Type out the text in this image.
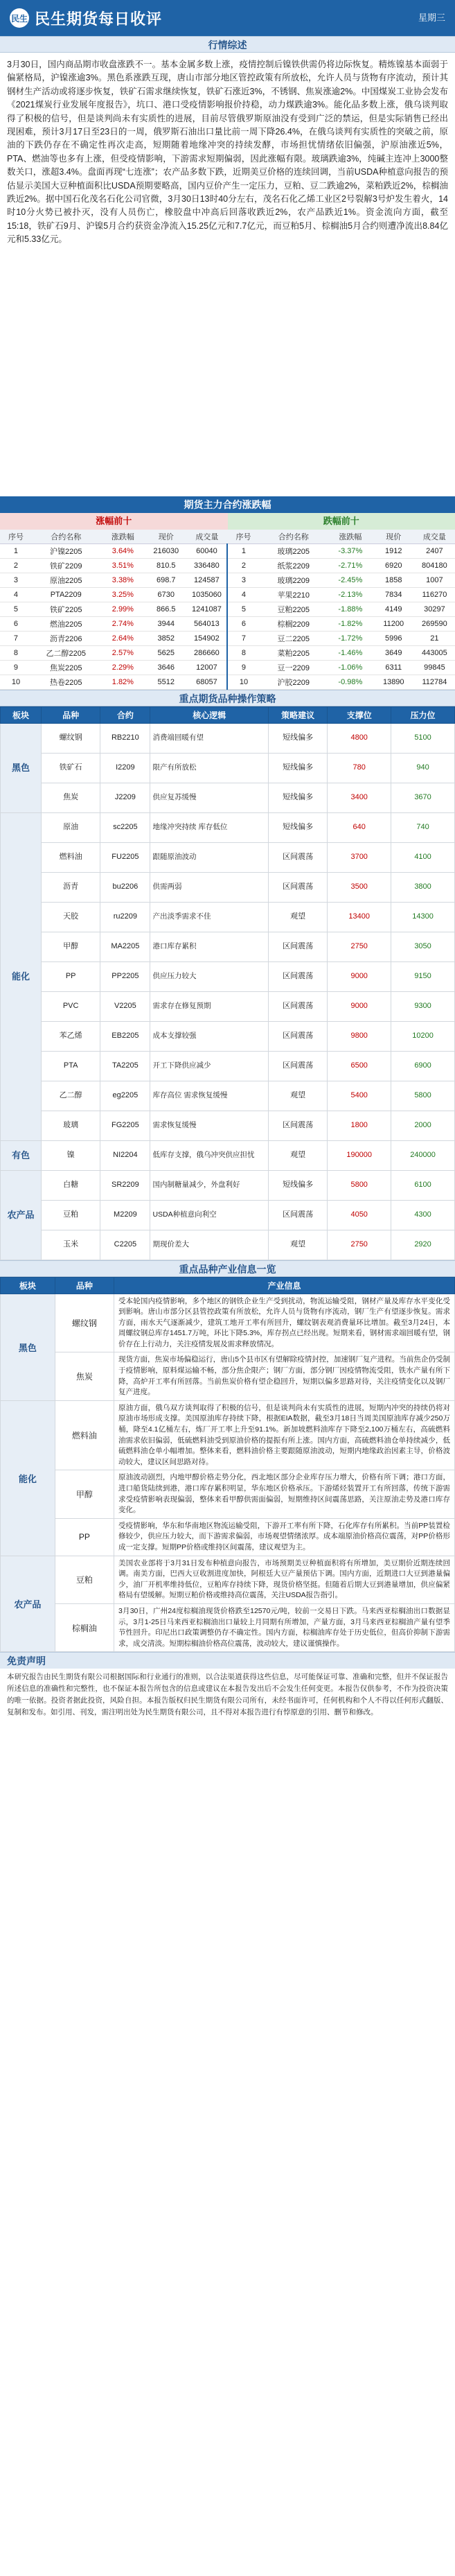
民生 民生期货每日收评	星期三
行情综述
3月30日，国内商品期市收盘涨跌不一。基本金属多数上涨，疫情控制后镍铁供需仍将边际恢复。精炼镍基本面弱于偏紧格局，沪镍涨逾3%。黑色系涨跌互现，唐山市部分地区管控政策有所放松，允许人员与货物有序流动，预计其钢材生产活动或将逐步恢复，铁矿石需求继续恢复，铁矿石涨近3%，不锈钢、焦炭涨逾2%。中国煤炭工业协会发布《2021煤炭行业发展年度报告》，坑口、港口受疫情影响报价持稳，动力煤跌逾3%。能化品多数上涨，俄乌谈判取得了积极的信号，但是谈判尚未有实质性的进展，目前尽管俄罗斯原油没有受到广泛的禁运，但是实际销售已经出现困难，预计3月17日至23日的一周，俄罗斯石油出口量比前一周下降26.4%，在俄乌谈判有实质性的突破之前，原油的下跌仍存在不确定性再次走高，短期随着地缘冲突的持续发酵，市场担忧情绪依旧偏强，沪原油涨近5%，PTA、燃油等也多有上涨，但受疫情影响，下游需求短期偏弱，因此涨幅有限。玻璃跌逾3%，纯碱主连冲上3000整数关口，涨超3.4%。盘面再现“七连涨”；农产品多数下跌，近期美豆价格的连续回调，当前USDA种植意向报告的预估显示美国大豆种植面积比USDA预期要略高，国内豆价产生一定压力，豆粕、豆二跌逾2%，菜粕跌近2%，棕榈油跌近2%。据中国石化茂名石化公司官微，3月30日13时40分左右，茂名石化乙烯工业区2号裂解3号炉发生着火，14时10分火势已被扑灭，没有人员伤亡，橡胶盘中冲高后回落收跌近2%，农产品跌近1%。资金流向方面，截至15:18，铁矿石9月、沪镍5月合约获资金净流入15.25亿元和7.7亿元，而豆粕5月、棕榈油5月合约则遭净流出8.84亿元和5.33亿元。
期货主力合约涨跌幅
涨幅前十	跌幅前十
序号	合约名称	涨跌幅	现价	成交量	序号	合约名称	涨跌幅	现价	成交量
1	沪镍2205	3.64%	216030	60040	1	玻璃2205	-3.37%	1912	2407
2	铁矿2209	3.51%	810.5	336480	2	纸浆2209	-2.71%	6920	804180
3	原油2205	3.38%	698.7	124587	3	玻璃2209	-2.45%	1858	1007
4	PTA2209	3.25%	6730	1035060	4	苹果2210	-2.13%	7834	116270
5	铁矿2205	2.99%	866.5	1241087	5	豆粕2205	-1.88%	4149	30297
6	燃油2205	2.74%	3944	564013	6	棕榈2209	-1.82%	11200	269590
7	沥青2206	2.64%	3852	154902	7	豆二2205	-1.72%	5996	21
8	乙二醇2205	2.57%	5625	286660	8	菜粕2205	-1.46%	3649	443005
9	焦炭2205	2.29%	3646	12007	9	豆一2209	-1.06%	6311	99845
10	热卷2205	1.82%	5512	68057	10	沪胶2209	-0.98%	13890	112784
重点期货品种操作策略
板块	品种	合约	核心逻辑	策略建议	支撑位	压力位
黑色	螺纹钢	RB2210	消费端回暖有望	短线偏多	4800	5100
	铁矿石	I2209	限产有所放松	短线偏多	780	940
	焦炭	J2209	供应复苏缓慢	短线偏多	3400	3670
能化	原油	sc2205	地缘冲突持续 库存低位	短线偏多	640	740
	燃料油	FU2205	跟随原油波动	区间震荡	3700	4100
	沥青	bu2206	供需两弱	区间震荡	3500	3800
	天胶	ru2209	产出淡季需求不佳	观望	13400	14300
	甲醇	MA2205	港口库存累积	区间震荡	2750	3050
	PP	PP2205	供应压力较大	区间震荡	9000	9150
	PVC	V2205	需求存在修复预期	区间震荡	9000	9300
	苯乙烯	EB2205	成本支撑较强	区间震荡	9800	10200
	PTA	TA2205	开工下降供应减少	区间震荡	6500	6900
	乙二醇	eg2205	库存高位 需求恢复缓慢	观望	5400	5800
	玻璃	FG2205	需求恢复缓慢	区间震荡	1800	2000
有色	镍	NI2204	低库存支撑，俄乌冲突供应担忧	观望	190000	240000
农产品	白糖	SR2209	国内制糖量减少，外盘利好	短线偏多	5800	6100
	豆粕	M2209	USDA种植意向利空	区间震荡	4050	4300
	玉米	C2205	期现价差大	观望	2750	2920
重点品种产业信息一览
板块	品种	产业信息
黑色	螺纹钢	受本轮国内疫情影响，多个地区的钢铁企业生产受到扰动，物流运输受阻，钢材产量及库存水平变化受到影响。唐山市部分区县管控政策有所放松，允许人员与货物有序流动，钢厂生产有望逐步恢复。需求方面，雨水天气逐渐减少，建筑工地开工率有所回升，螺纹钢表观消费量环比增加。截至3月24日，本周螺纹钢总库存1451.7万吨，环比下降5.3%，库存拐点已经出现。短期来看，钢材需求端回暖有望，钢价存在上行动力，关注疫情发展及需求释放情况。
	焦炭	现货方面，焦炭市场偏稳运行，唐山5个县市区有望解除疫情封控，加速钢厂复产进程。当前焦企仍受制于疫情影响，原料煤运输不畅，部分焦企限产；钢厂方面，部分钢厂因疫情物流受阻，铁水产量有所下降，高炉开工率有所回落。当前焦炭价格有望企稳回升，短期以偏多思路对待，关注疫情变化以及钢厂复产进度。
能化	燃料油	原油方面，俄乌双方谈判取得了积极的信号，但是谈判尚未有实质性的进展，短期内冲突的持续仍将对原油市场形成支撑。美国原油库存持续下降，根据EIA数据，截至3月18日当周美国原油库存减少250万桶，降至4.1亿桶左右，炼厂开工率上升至91.1%。新加坡燃料油库存下降至2,100万桶左右，高硫燃料油需求依旧偏弱，低硫燃料油受到原油价格的提振有所上涨。国内方面，高硫燃料油仓单持续减少，低硫燃料油仓单小幅增加。整体来看，燃料油价格主要跟随原油波动，短期内地缘政治因素主导，价格波动较大，建议区间思路对待。
	甲醇	原油波动剧烈，内地甲醇价格走势分化，西北地区部分企业库存压力增大，价格有所下调；港口方面，进口船货陆续到港，港口库存累积明显，华东地区价格承压。下游烯烃装置开工有所回落，传统下游需求受疫情影响表现偏弱，整体来看甲醇供需面偏弱，短期维持区间震荡思路，关注原油走势及港口库存变化。
	PP	受疫情影响，华东和华南地区物流运输受阻，下游开工率有所下降，石化库存有所累积。当前PP装置检修较少，供应压力较大，而下游需求偏弱，市场观望情绪浓厚。成本端原油价格高位震荡，对PP价格形成一定支撑。短期PP价格或维持区间震荡，建议观望为主。
农产品	豆粕	美国农业部将于3月31日发布种植意向报告，市场预期美豆种植面积将有所增加，美豆期价近期连续回调。南美方面，巴西大豆收割进度加快，阿根廷大豆产量预估下调。国内方面，近期进口大豆到港量偏少，油厂开机率维持低位，豆粕库存持续下降，现货价格坚挺。但随着后期大豆到港量增加，供应偏紧格局有望缓解。短期豆粕价格或维持高位震荡，关注USDA报告指引。
	棕榈油	3月30日，广州24度棕榈油现货价格跌至12570元/吨，较前一交易日下跌。马来西亚棕榈油出口数据显示，3月1-25日马来西亚棕榈油出口量较上月同期有所增加，产量方面，3月马来西亚棕榈油产量有望季节性回升。印尼出口政策调整仍存不确定性。国内方面，棕榈油库存处于历史低位，但高价抑制下游需求，成交清淡。短期棕榈油价格高位震荡，波动较大，建议谨慎操作。
免责声明
本研究报告由民生期货有限公司根据国际和行业通行的准则，以合法渠道获得这些信息，尽可能保证可靠、准确和完整，但并不保证报告所述信息的准确性和完整性，也不保证本报告所包含的信息或建议在本报告发出后不会发生任何变更。本报告仅供参考，不作为投资决策的唯一依据。投资者据此投资，风险自担。本报告版权归民生期货有限公司所有，未经书面许可，任何机构和个人不得以任何形式翻版、复制和发布。如引用、刊发，需注明出处为民生期货有限公司，且不得对本报告进行有悖原意的引用、删节和修改。
